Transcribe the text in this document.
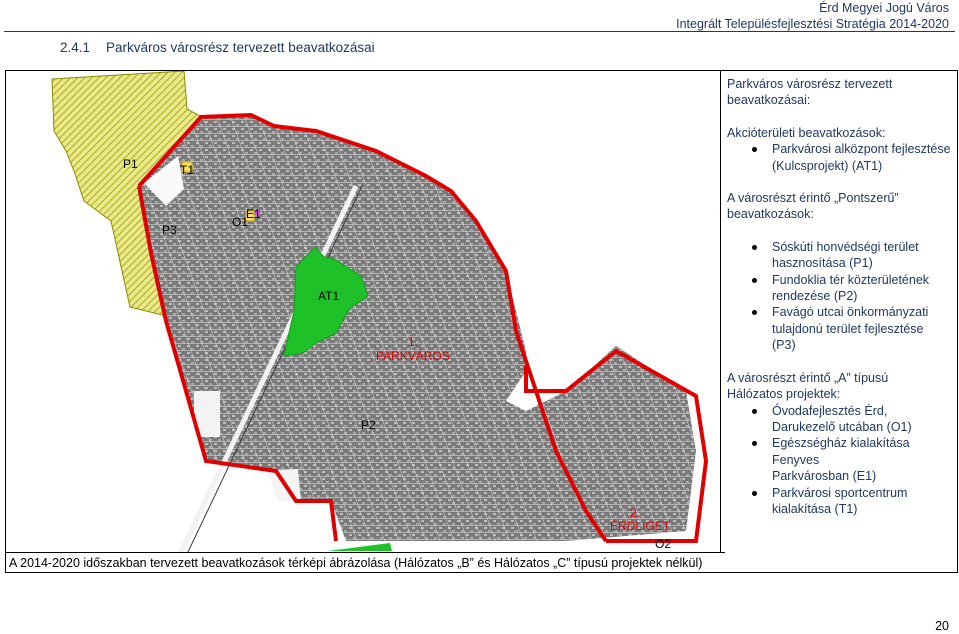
Érd Megyei Jogú Város
Integrált Településfejlesztési Stratégia 2014-2020
2.4.1 Parkváros városrész tervezett beavatkozásai
P1	T1
P3
O1
E1
AT1
1.
PARKVÁROS
P2
2.
ÉRDLIGET
O2
A 2014-2020 időszakban tervezett beavatkozások térképi ábrázolása (Hálózatos „B” és Hálózatos „C” típusú projektek nélkül)
Parkváros városrész tervezett
beavatkozásai:
Akcióterületi beavatkozások:
Parkvárosi alközpont fejlesztése
(Kulcsprojekt) (AT1)
A városrészt érintő „Pontszerű”
beavatkozások:
Sóskúti honvédségi terület
hasznosítása (P1)
Fundoklia tér közterületének
rendezése (P2)
Favágó utcai önkormányzati
tulajdonú terület fejlesztése
(P3)
A városrészt érintő „A” típusú
Hálózatos projektek:
Óvodafejlesztés Érd,
Darukezelő utcában (O1)
Egészségház kialakítása Fenyves
Parkvárosban (E1)
Parkvárosi sportcentrum
kialakítása (T1)
20
